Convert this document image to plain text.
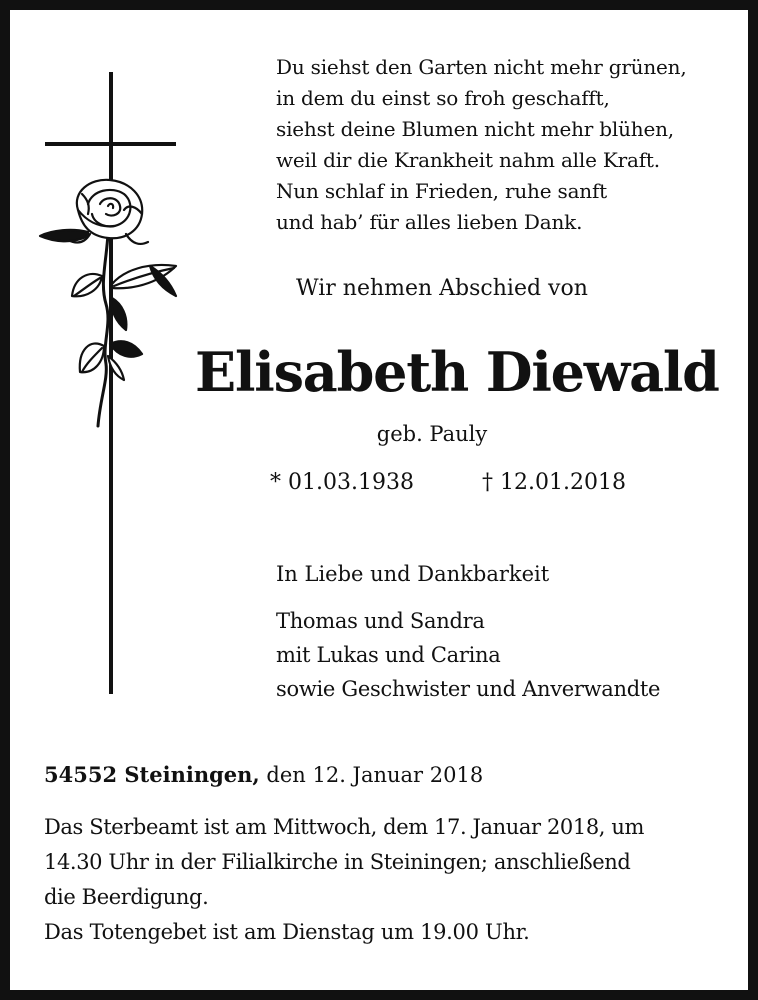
Du siehst den Garten nicht mehr grünen,
in dem du einst so froh geschafft,
siehst deine Blumen nicht mehr blühen,
weil dir die Krankheit nahm alle Kraft.
Nun schlaf in Frieden, ruhe sanft
und hab’ für alles lieben Dank.
Wir nehmen Abschied von
Elisabeth Diewald
geb. Pauly
* 01.03.1938	† 12.01.2018
In Liebe und Dankbarkeit
Thomas und Sandra
mit Lukas und Carina
sowie Geschwister und Anverwandte
54552 Steiningen, den 12. Januar 2018
Das Sterbeamt ist am Mittwoch, dem 17. Januar 2018, um
14.30 Uhr in der Filialkirche in Steiningen; anschließend
die Beerdigung.
Das Totengebet ist am Dienstag um 19.00 Uhr.
